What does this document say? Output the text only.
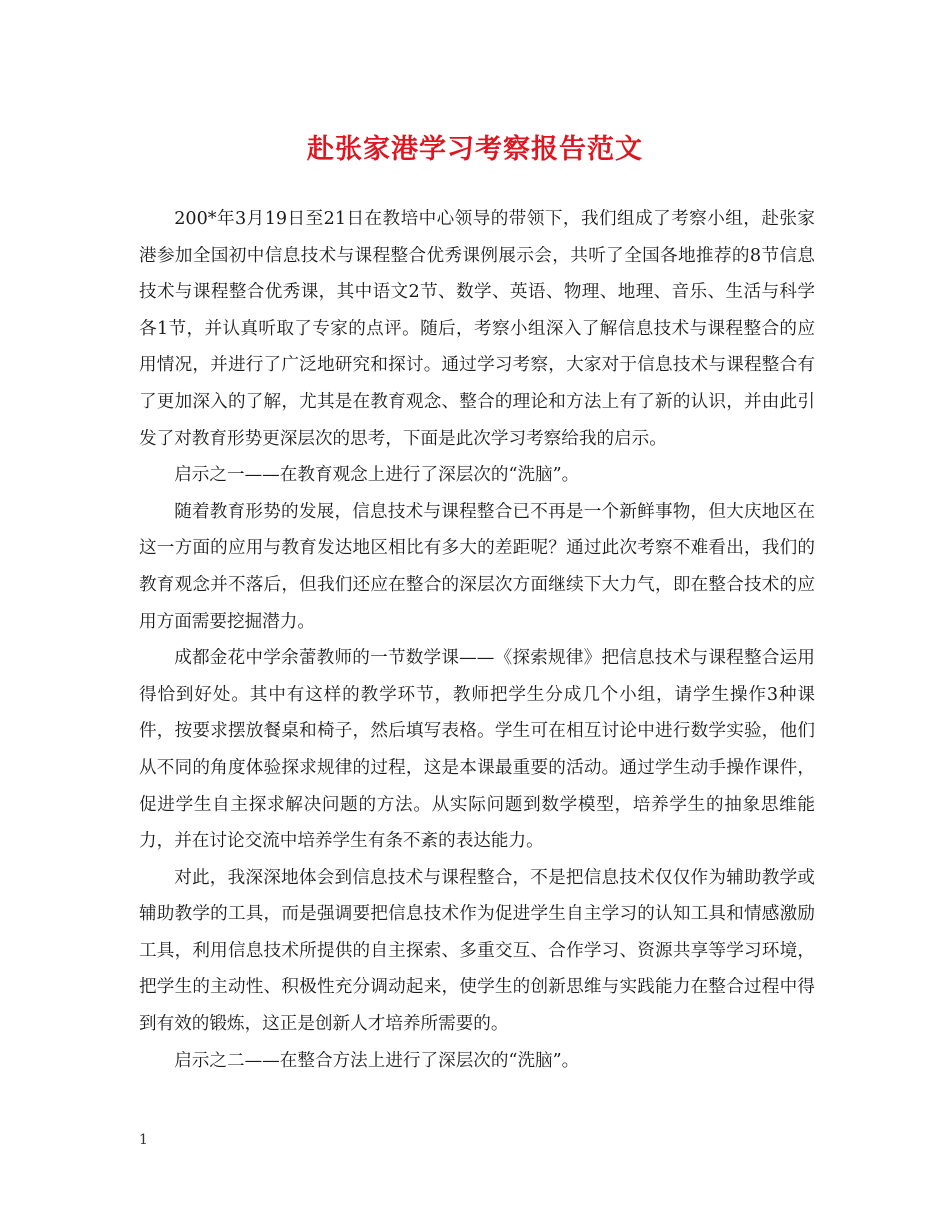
赴张家港学习考察报告范文

200*年3月19日至21日在教培中心领导的带领下，我们组成了考察小组，赴张家港参加全国初中信息技术与课程整合优秀课例展示会，共听了全国各地推荐的8节信息技术与课程整合优秀课，其中语文2节、数学、英语、物理、地理、音乐、生活与科学各1节，并认真听取了专家的点评。随后，考察小组深入了解信息技术与课程整合的应用情况，并进行了广泛地研究和探讨。通过学习考察，大家对于信息技术与课程整合有了更加深入的了解，尤其是在教育观念、整合的理论和方法上有了新的认识，并由此引发了对教育形势更深层次的思考，下面是此次学习考察给我的启示。

启示之一——在教育观念上进行了深层次的“洗脑”。

随着教育形势的发展，信息技术与课程整合已不再是一个新鲜事物，但大庆地区在这一方面的应用与教育发达地区相比有多大的差距呢？通过此次考察不难看出，我们的教育观念并不落后，但我们还应在整合的深层次方面继续下大力气，即在整合技术的应用方面需要挖掘潜力。

成都金花中学余蕾教师的一节数学课——《探索规律》把信息技术与课程整合运用得恰到好处。其中有这样的教学环节，教师把学生分成几个小组，请学生操作3种课件，按要求摆放餐桌和椅子，然后填写表格。学生可在相互讨论中进行数学实验，他们从不同的角度体验探求规律的过程，这是本课最重要的活动。通过学生动手操作课件，促进学生自主探求解决问题的方法。从实际问题到数学模型，培养学生的抽象思维能力，并在讨论交流中培养学生有条不紊的表达能力。

对此，我深深地体会到信息技术与课程整合，不是把信息技术仅仅作为辅助教学或辅助教学的工具，而是强调要把信息技术作为促进学生自主学习的认知工具和情感激励工具，利用信息技术所提供的自主探索、多重交互、合作学习、资源共享等学习环境，把学生的主动性、积极性充分调动起来，使学生的创新思维与实践能力在整合过程中得到有效的锻炼，这正是创新人才培养所需要的。

启示之二——在整合方法上进行了深层次的“洗脑”。

1
